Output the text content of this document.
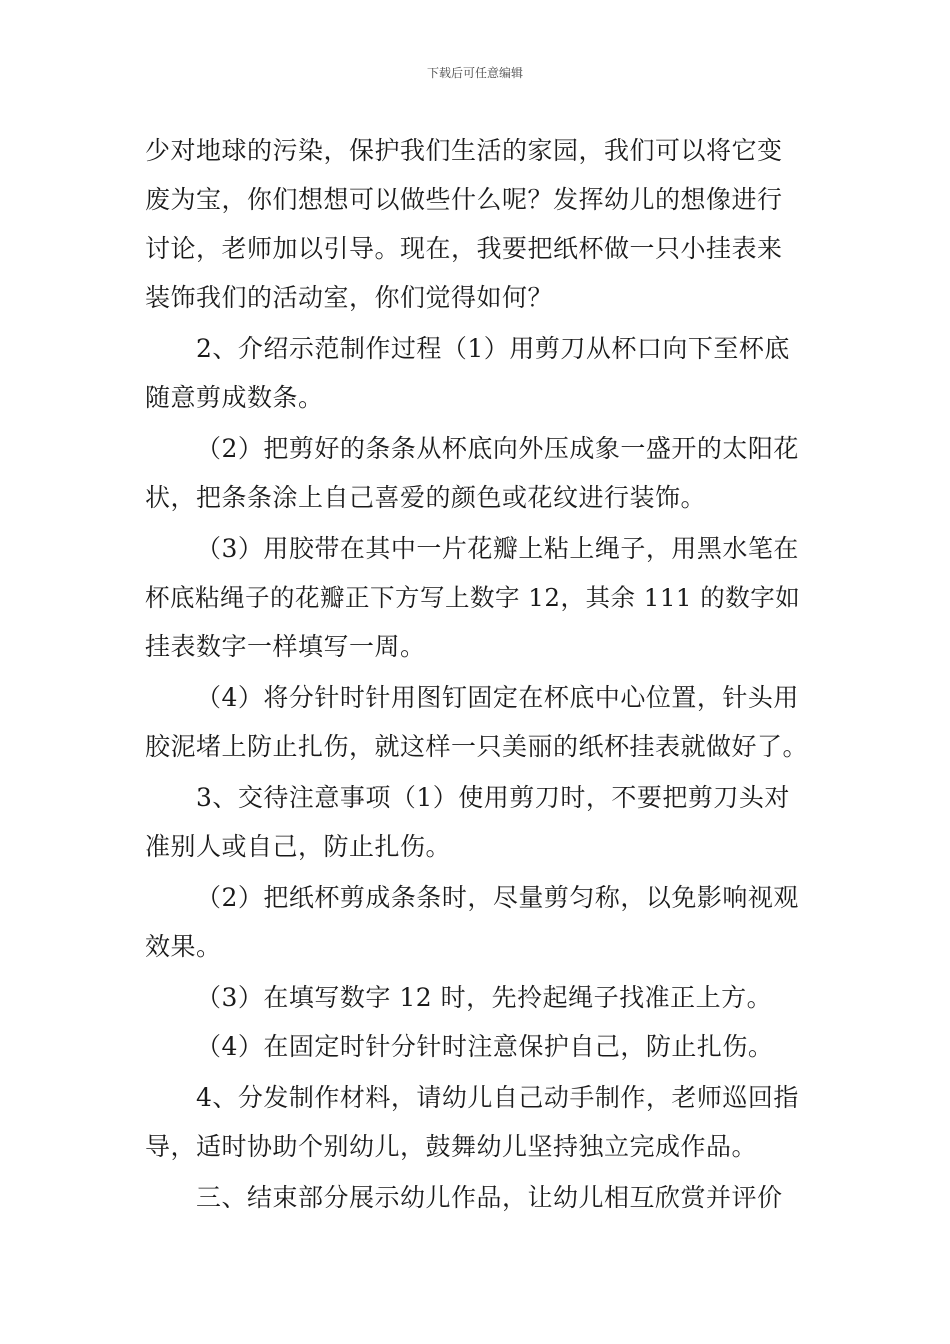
下载后可任意编辑
少对地球的污染，保护我们生活的家园，我们可以将它变
废为宝，你们想想可以做些什么呢？发挥幼儿的想像进行
讨论，老师加以引导。现在，我要把纸杯做一只小挂表来
装饰我们的活动室，你们觉得如何？
2、介绍示范制作过程（1）用剪刀从杯口向下至杯底
随意剪成数条。
（2）把剪好的条条从杯底向外压成象一盛开的太阳花
状，把条条涂上自己喜爱的颜色或花纹进行装饰。
（3）用胶带在其中一片花瓣上粘上绳子，用黑水笔在
杯底粘绳子的花瓣正下方写上数字 12，其余 111 的数字如
挂表数字一样填写一周。
（4）将分针时针用图钉固定在杯底中心位置，针头用
胶泥堵上防止扎伤，就这样一只美丽的纸杯挂表就做好了。
3、交待注意事项（1）使用剪刀时，不要把剪刀头对
准别人或自己，防止扎伤。
（2）把纸杯剪成条条时，尽量剪匀称，以免影响视观
效果。
（3）在填写数字 12 时，先拎起绳子找准正上方。
（4）在固定时针分针时注意保护自己，防止扎伤。
4、分发制作材料，请幼儿自己动手制作，老师巡回指
导，适时协助个别幼儿，鼓舞幼儿坚持独立完成作品。
三、结束部分展示幼儿作品，让幼儿相互欣赏并评价
